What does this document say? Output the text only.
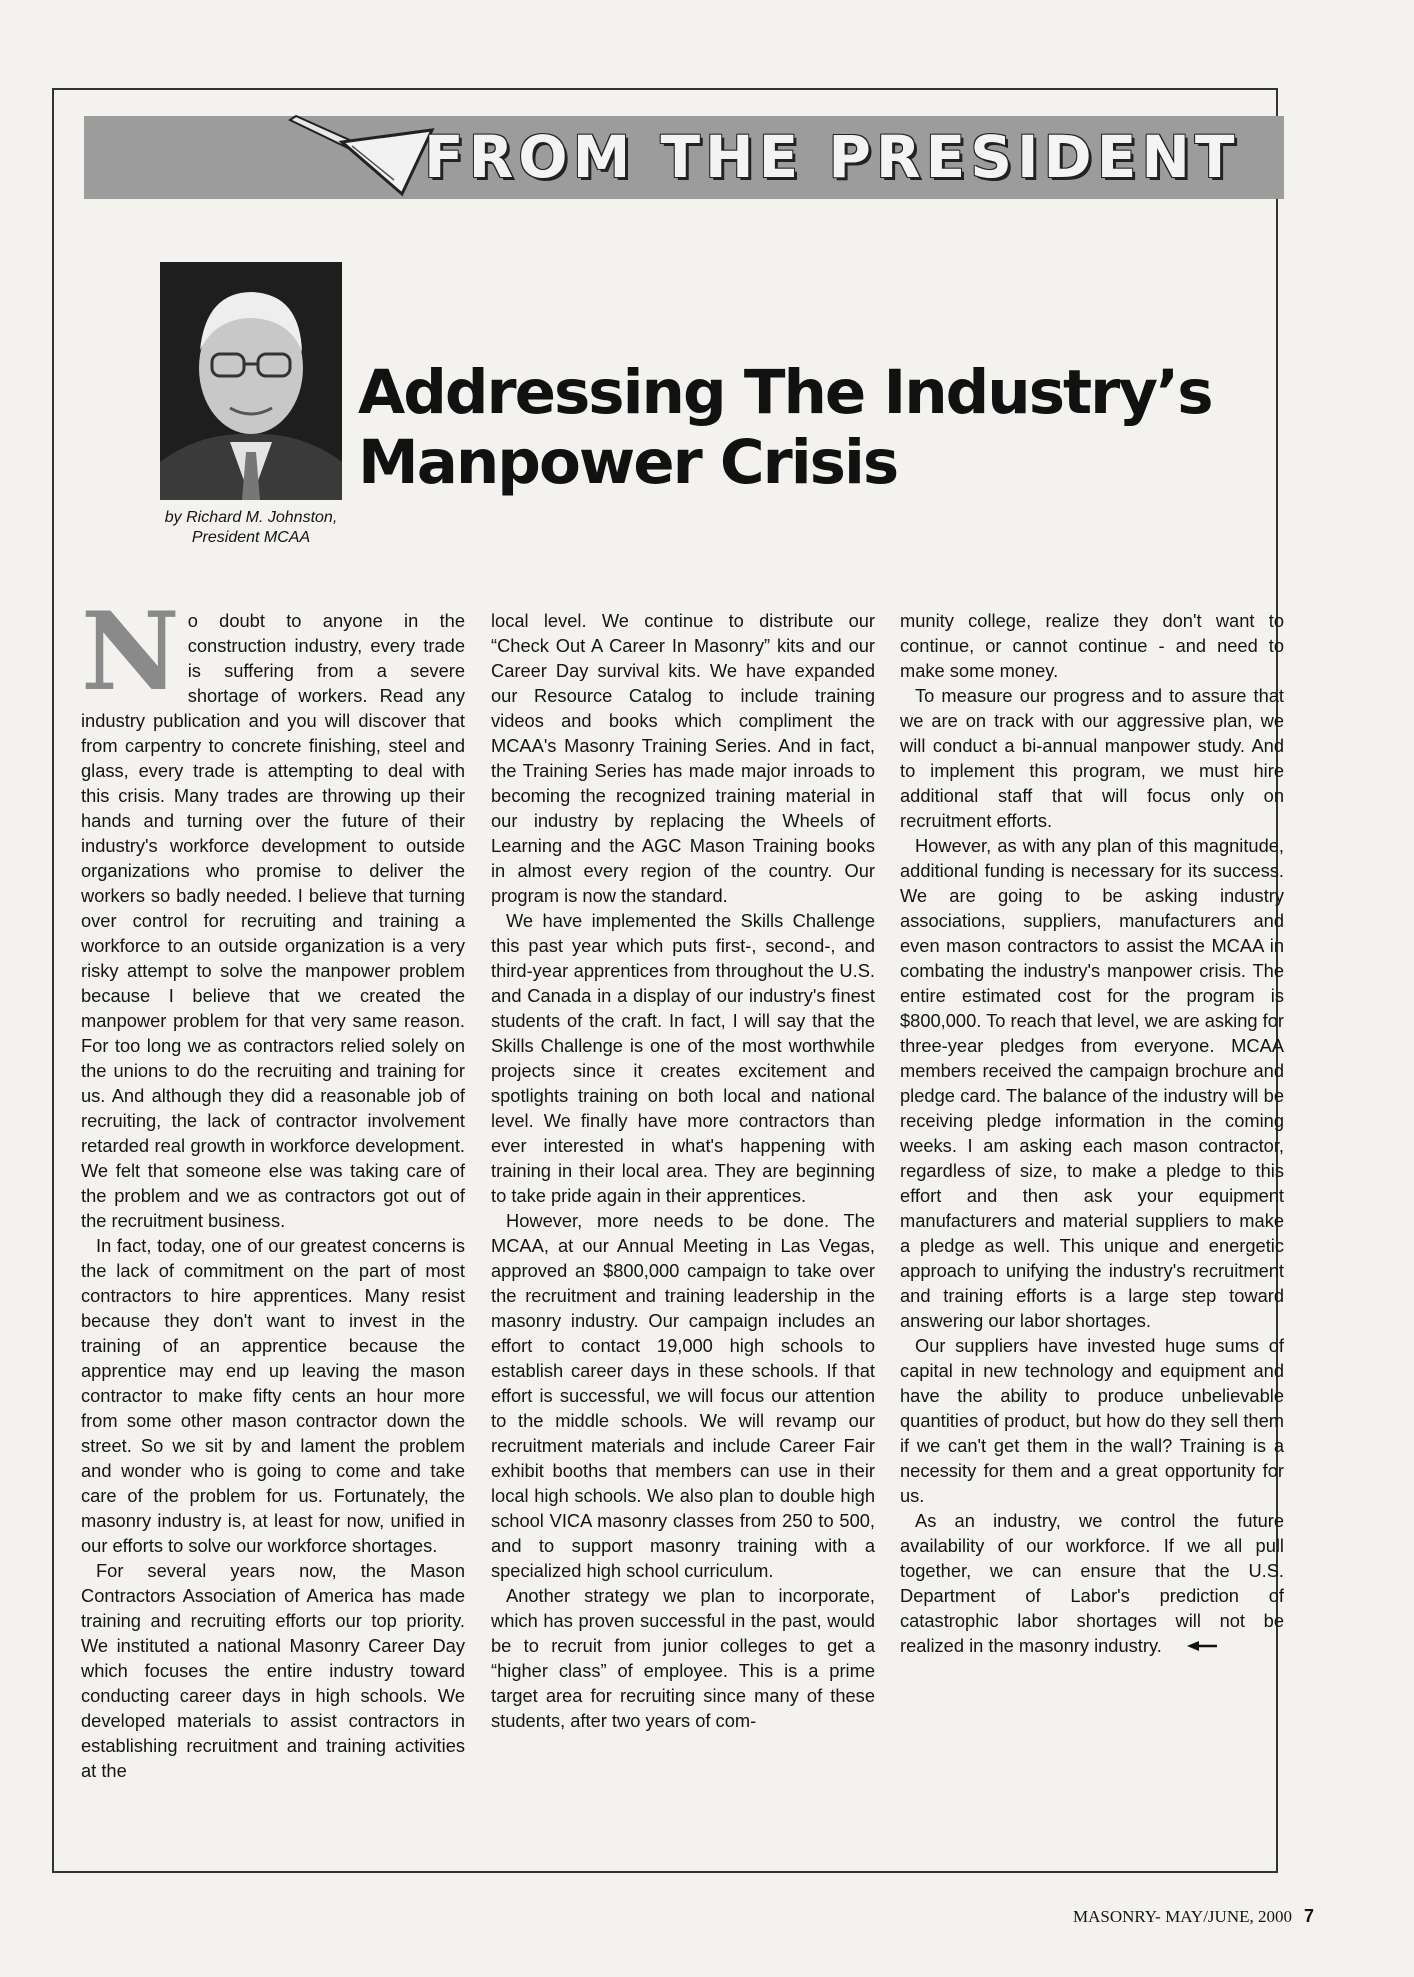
FROM THE PRESIDENT
by Richard M. Johnston,
President MCAA
Addressing The Industry’s
Manpower Crisis
N o doubt to anyone in the construction industry, every trade is suffering from a severe shortage of workers. Read any industry publication and you will discover that from carpentry to concrete finishing, steel and glass, every trade is attempting to deal with this crisis. Many trades are throwing up their hands and turning over the future of their industry's workforce development to outside organizations who promise to deliver the workers so badly needed. I believe that turning over control for recruiting and training a workforce to an outside organization is a very risky attempt to solve the manpower problem because I believe that we created the manpower problem for that very same reason. For too long we as contractors relied solely on the unions to do the recruiting and training for us. And although they did a reasonable job of recruiting, the lack of contractor involvement retarded real growth in workforce development. We felt that someone else was taking care of the problem and we as contractors got out of the recruitment business.

In fact, today, one of our greatest concerns is the lack of commitment on the part of most contractors to hire apprentices. Many resist because they don't want to invest in the training of an apprentice because the apprentice may end up leaving the mason contractor to make fifty cents an hour more from some other mason contractor down the street. So we sit by and lament the problem and wonder who is going to come and take care of the problem for us. Fortunately, the masonry industry is, at least for now, unified in our efforts to solve our workforce shortages.

For several years now, the Mason Contractors Association of America has made training and recruiting efforts our top priority. We instituted a national Masonry Career Day which focuses the entire industry toward conducting career days in high schools. We developed materials to assist contractors in establishing recruitment and training activities at the

local level. We continue to distribute our “Check Out A Career In Masonry” kits and our Career Day survival kits. We have expanded our Resource Catalog to include training videos and books which compliment the MCAA's Masonry Training Series. And in fact, the Training Series has made major inroads to becoming the recognized training material in our industry by replacing the Wheels of Learning and the AGC Mason Training books in almost every region of the country. Our program is now the standard.

We have implemented the Skills Challenge this past year which puts first-, second-, and third-year apprentices from throughout the U.S. and Canada in a display of our industry's finest students of the craft. In fact, I will say that the Skills Challenge is one of the most worthwhile projects since it creates excitement and spotlights training on both local and national level. We finally have more contractors than ever interested in what's happening with training in their local area. They are beginning to take pride again in their apprentices.

However, more needs to be done. The MCAA, at our Annual Meeting in Las Vegas, approved an $800,000 campaign to take over the recruitment and training leadership in the masonry industry. Our campaign includes an effort to contact 19,000 high schools to establish career days in these schools. If that effort is successful, we will focus our attention to the middle schools. We will revamp our recruitment materials and include Career Fair exhibit booths that members can use in their local high schools. We also plan to double high school VICA masonry classes from 250 to 500, and to support masonry training with a specialized high school curriculum.

Another strategy we plan to incorporate, which has proven successful in the past, would be to recruit from junior colleges to get a “higher class” of employee. This is a prime target area for recruiting since many of these students, after two years of com-

munity college, realize they don't want to continue, or cannot continue - and need to make some money.

To measure our progress and to assure that we are on track with our aggressive plan, we will conduct a bi-annual manpower study. And to implement this program, we must hire additional staff that will focus only on recruitment efforts.

However, as with any plan of this magnitude, additional funding is necessary for its success. We are going to be asking industry associations, suppliers, manufacturers and even mason contractors to assist the MCAA in combating the industry's manpower crisis. The entire estimated cost for the program is $800,000. To reach that level, we are asking for three-year pledges from everyone. MCAA members received the campaign brochure and pledge card. The balance of the industry will be receiving pledge information in the coming weeks. I am asking each mason contractor, regardless of size, to make a pledge to this effort and then ask your equipment manufacturers and material suppliers to make a pledge as well. This unique and energetic approach to unifying the industry's recruitment and training efforts is a large step toward answering our labor shortages.

Our suppliers have invested huge sums of capital in new technology and equipment and have the ability to produce unbelievable quantities of product, but how do they sell them if we can't get them in the wall? Training is a necessity for them and a great opportunity for us.

As an industry, we control the future availability of our workforce. If we all pull together, we can ensure that the U.S. Department of Labor's prediction of catastrophic labor shortages will not be realized in the masonry industry.

MASONRY- MAY/JUNE, 2000 7
